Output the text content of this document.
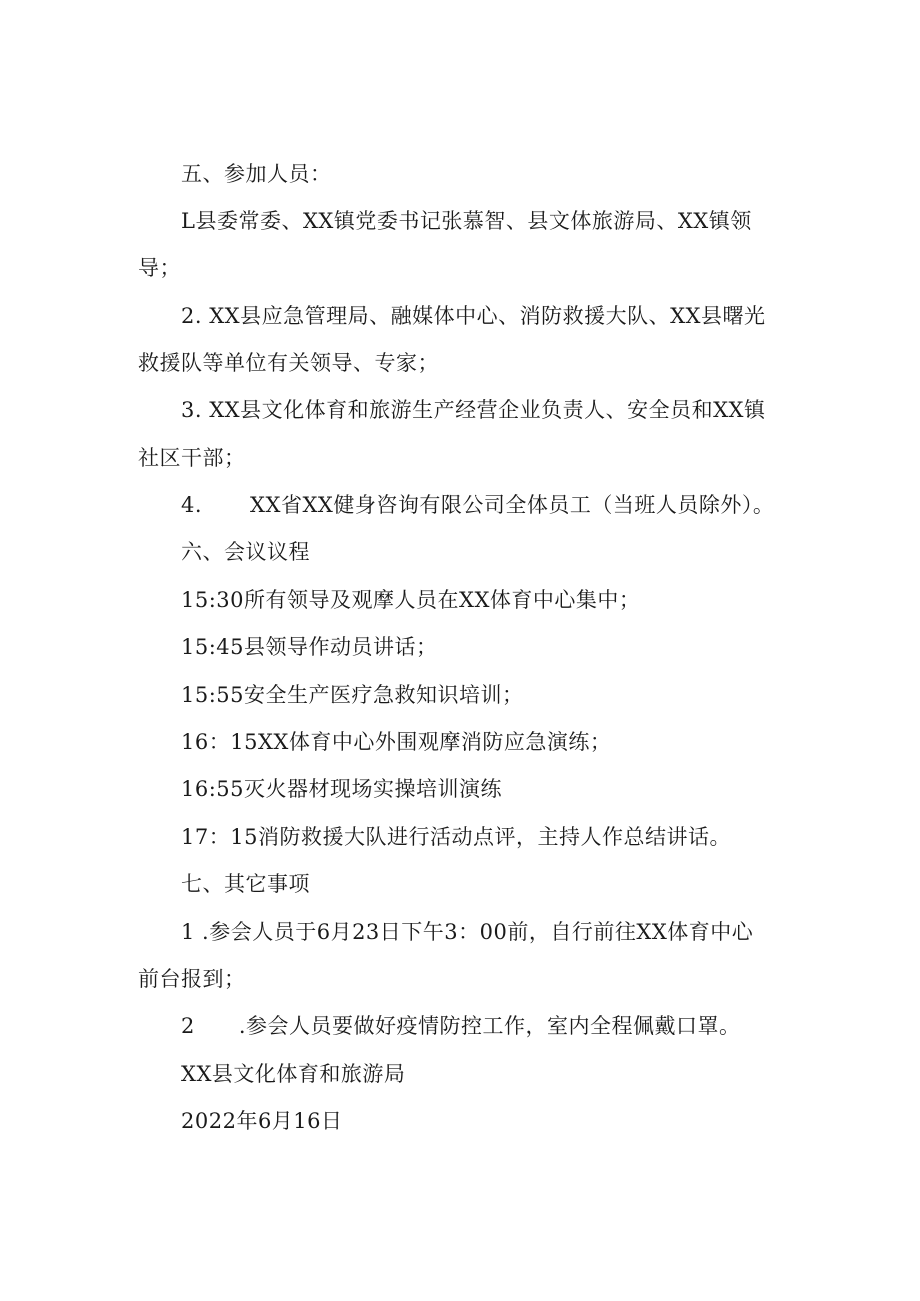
五、参加人员：

L县委常委、XX镇党委书记张慕智、县文体旅游局、XX镇领

导；

2. XX县应急管理局、融媒体中心、消防救援大队、XX县曙光

救援队等单位有关领导、专家；

3. XX县文化体育和旅游生产经营企业负责人、安全员和XX镇

社区干部；

4. XX省XX健身咨询有限公司全体员工（当班人员除外）。

六、会议议程

15:30所有领导及观摩人员在XX体育中心集中；

15:45县领导作动员讲话；

15:55安全生产医疗急救知识培训；

16：15XX体育中心外围观摩消防应急演练；

16:55灭火器材现场实操培训演练

17：15消防救援大队进行活动点评，主持人作总结讲话。

七、其它事项

1 .参会人员于6月23日下午3：00前，自行前往XX体育中心

前台报到；

2 .参会人员要做好疫情防控工作，室内全程佩戴口罩。

XX县文化体育和旅游局

2022年6月16日
